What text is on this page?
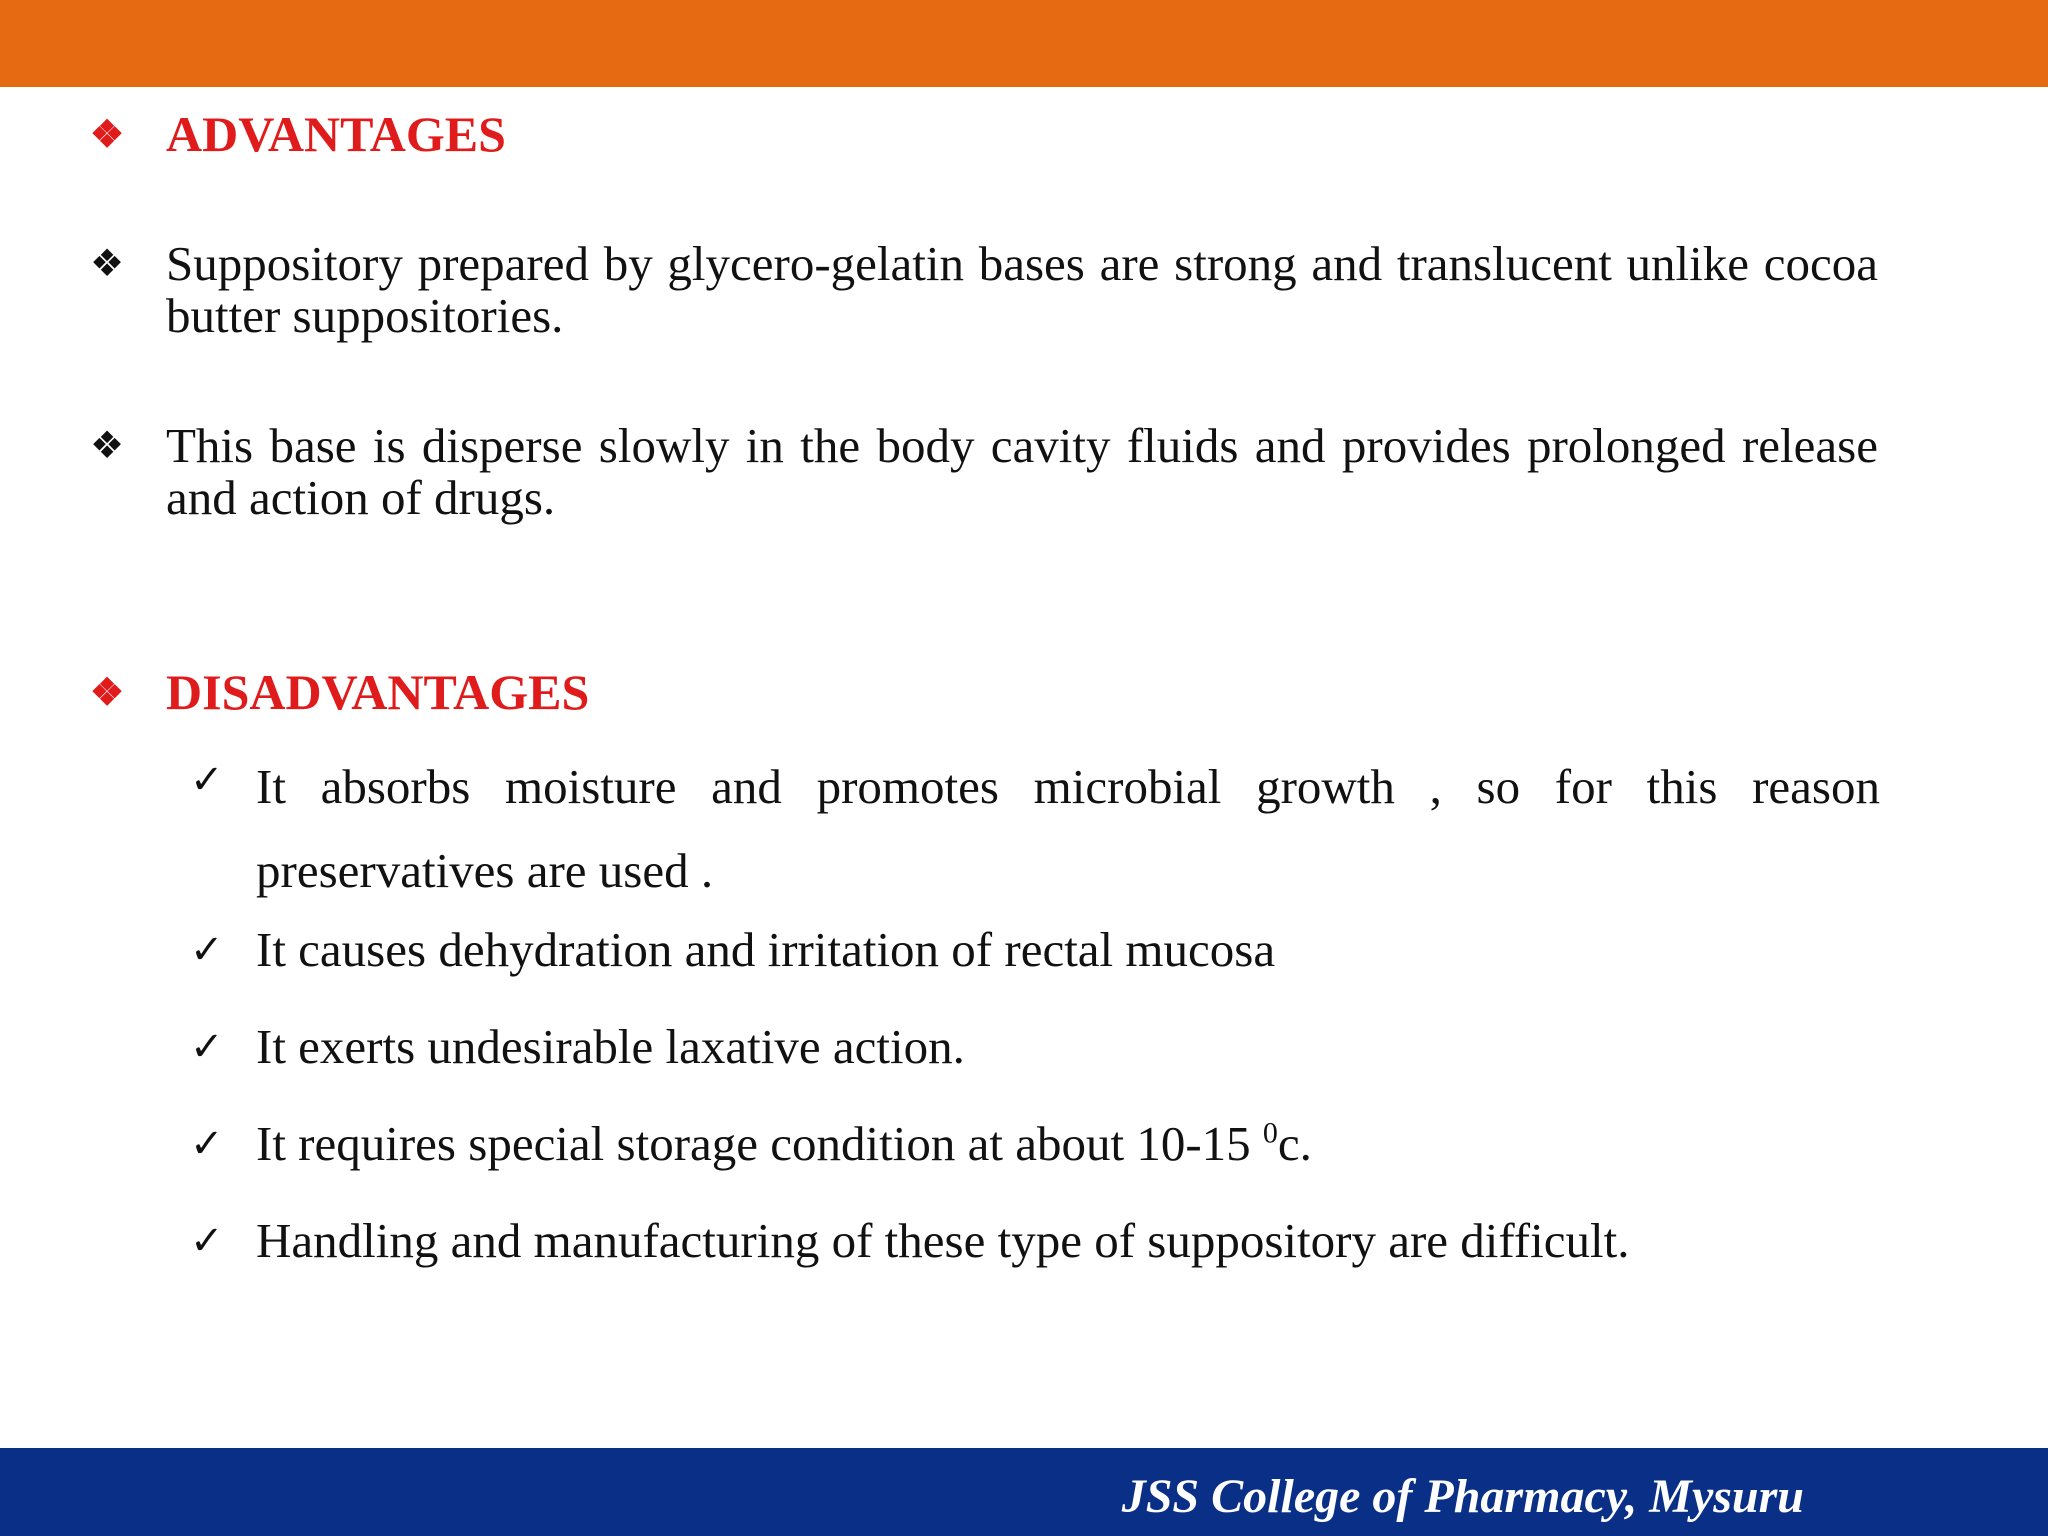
❖ ADVANTAGES
❖ Suppository prepared by glycero-gelatin bases are strong and translucent unlike cocoa butter suppositories.
❖ This base is disperse slowly in the body cavity fluids and provides prolonged release and action of drugs.
❖ DISADVANTAGES
✓ It absorbs moisture and promotes microbial growth , so for this reason preservatives are used .
✓ It causes dehydration and irritation of rectal mucosa
✓ It exerts undesirable laxative action.
✓ It requires special storage condition at about 10-15 $^0$c.
✓ Handling and manufacturing of these type of suppository are difficult.
JSS College of Pharmacy, Mysuru
